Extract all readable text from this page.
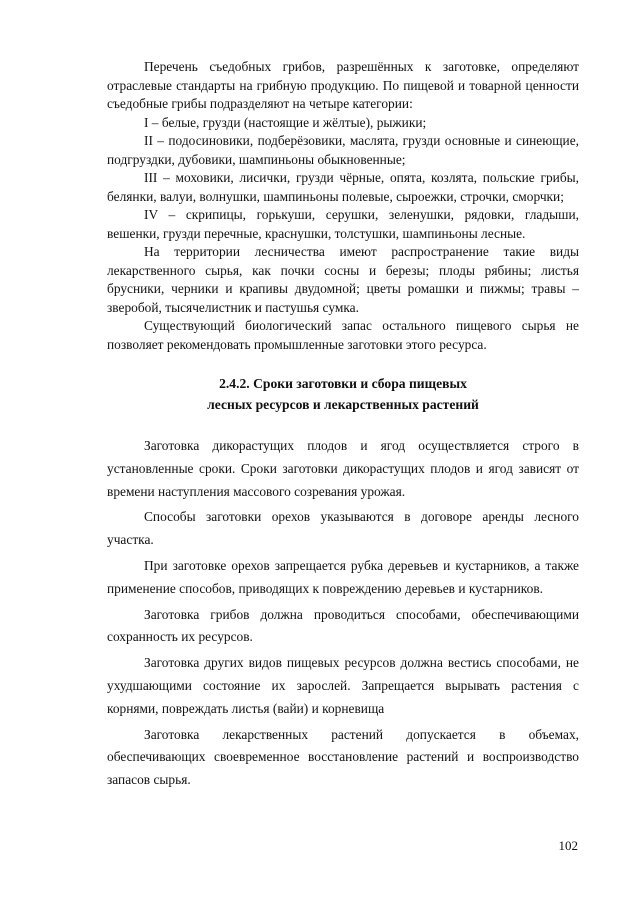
Перечень съедобных грибов, разрешённых к заготовке, определяют отраслевые стандарты на грибную продукцию. По пищевой и товарной ценности съедобные грибы подразделяют на четыре категории:

I – белые, грузди (настоящие и жёлтые), рыжики;

II – подосиновики, подберёзовики, маслята, грузди основные и синеющие, подгруздки, дубовики, шампиньоны обыкновенные;

III – моховики, лисички, грузди чёрные, опята, козлята, польские грибы, белянки, валуи, волнушки, шампиньоны полевые, сыроежки, строчки, сморчки;

IV – скрипицы, горькуши, серушки, зеленушки, рядовки, гладыши, вешенки, грузди перечные, краснушки, толстушки, шампиньоны лесные.

На территории лесничества имеют распространение такие виды лекарственного сырья, как почки сосны и березы; плоды рябины; листья брусники, черники и крапивы двудомной; цветы ромашки и пижмы; травы – зверобой, тысячелистник и пастушья сумка.

Существующий биологический запас остального пищевого сырья не позволяет рекомендовать промышленные заготовки этого ресурса.

2.4.2. Сроки заготовки и сбора пищевых
лесных ресурсов и лекарственных растений

Заготовка дикорастущих плодов и ягод осуществляется строго в установленные сроки. Сроки заготовки дикорастущих плодов и ягод зависят от времени наступления массового созревания урожая.

Способы заготовки орехов указываются в договоре аренды лесного участка.

При заготовке орехов запрещается рубка деревьев и кустарников, а также применение способов, приводящих к повреждению деревьев и кустарников.

Заготовка грибов должна проводиться способами, обеспечивающими сохранность их ресурсов.

Заготовка других видов пищевых ресурсов должна вестись способами, не ухудшающими состояние их зарослей. Запрещается вырывать растения с корнями, повреждать листья (вайи) и корневища

Заготовка лекарственных растений допускается в объемах, обеспечивающих своевременное восстановление растений и воспроизводство запасов сырья.

102
